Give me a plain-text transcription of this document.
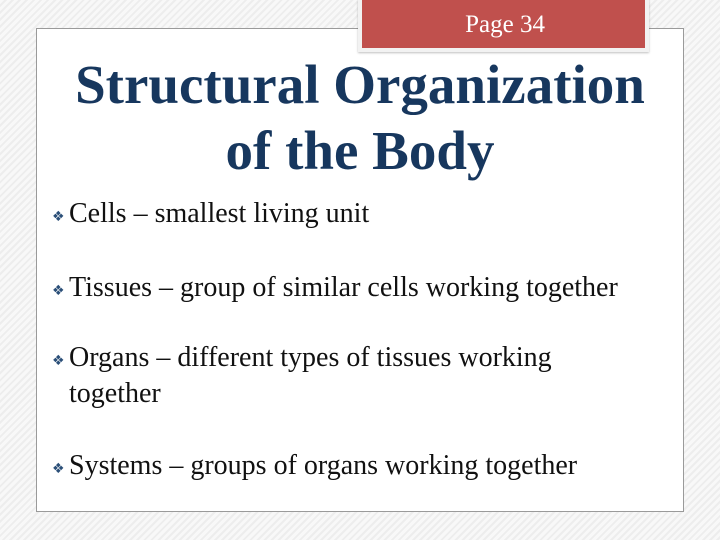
Page 34
Structural Organization
of the Body
❖ Cells – smallest living unit
❖ Tissues – group of similar cells working together
❖ Organs – different types of tissues working
together
❖ Systems – groups of organs working together
